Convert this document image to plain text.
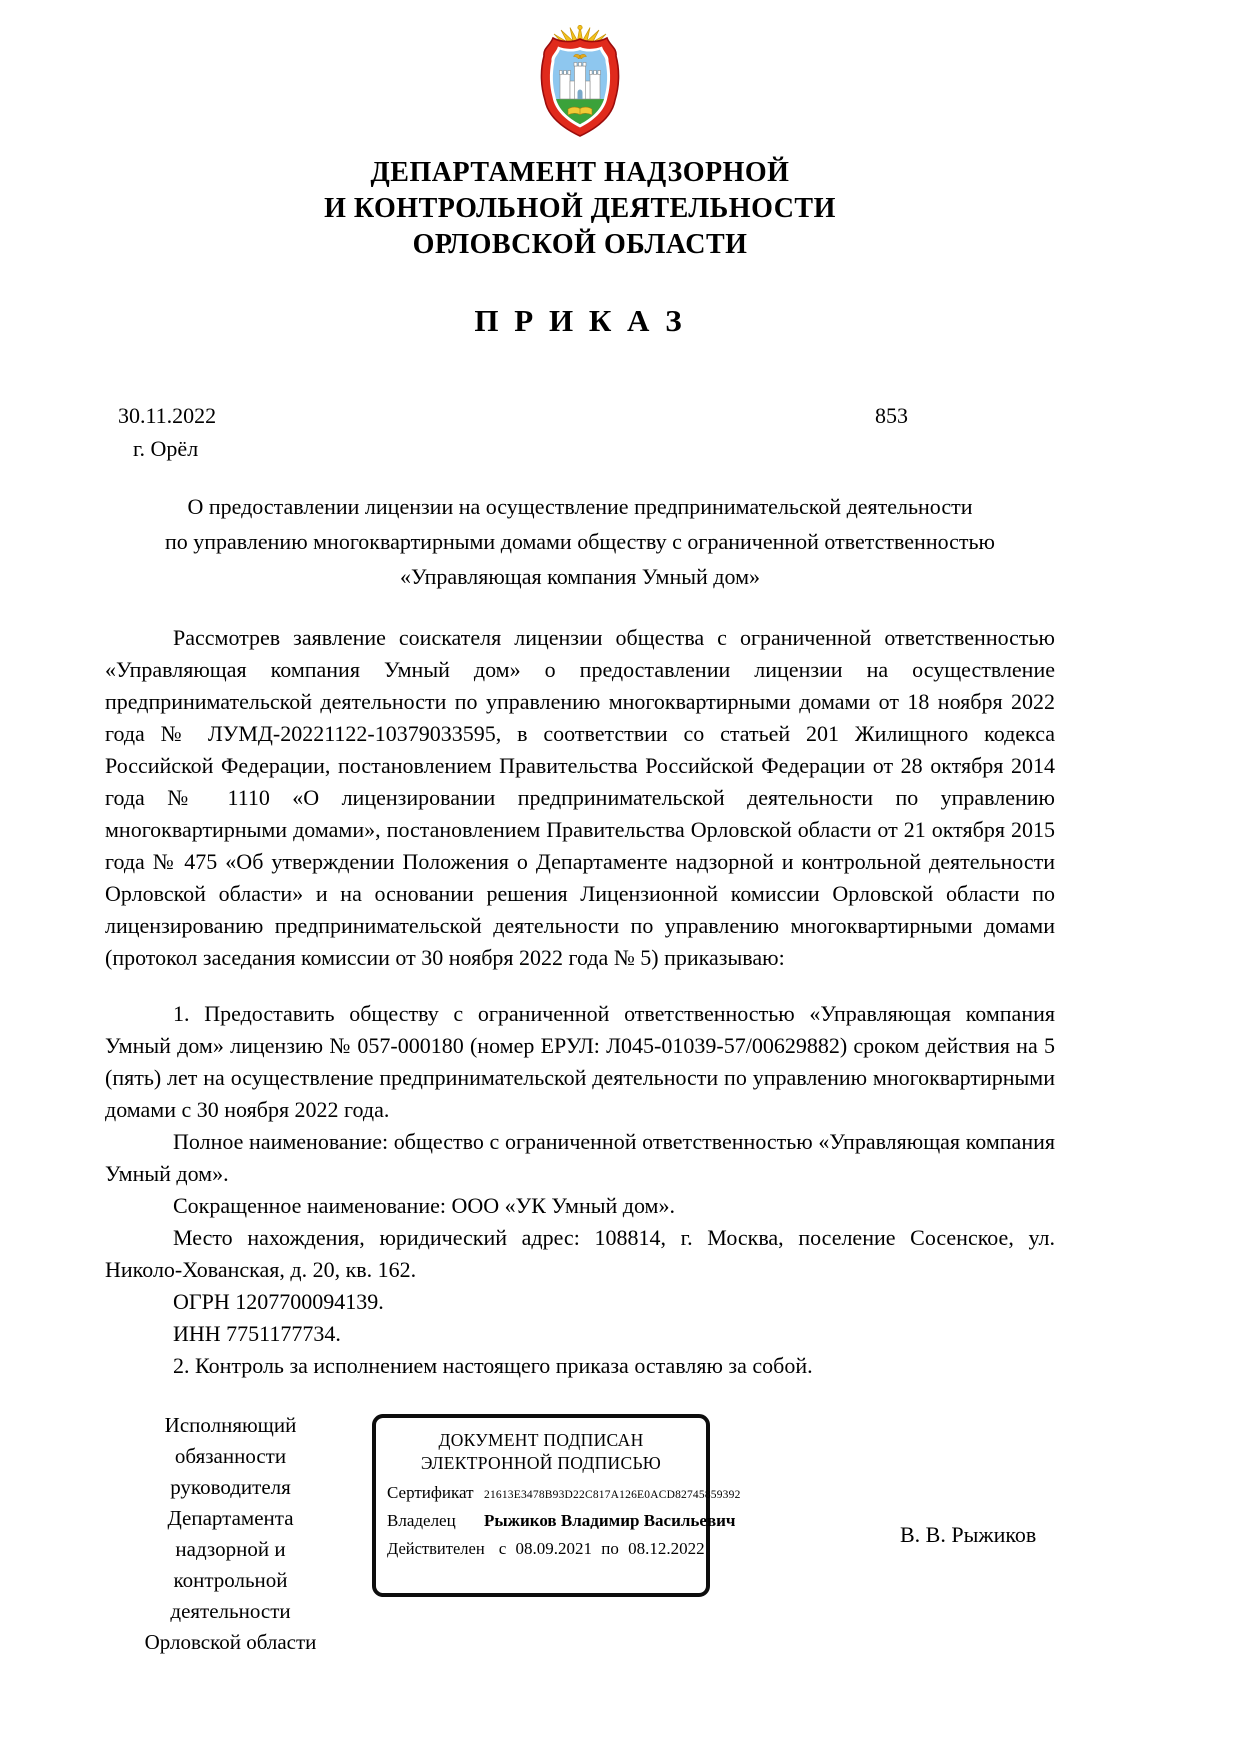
ДЕПАРТАМЕНТ НАДЗОРНОЙ
И КОНТРОЛЬНОЙ ДЕЯТЕЛЬНОСТИ
ОРЛОВСКОЙ ОБЛАСТИ
П Р И К А З
30.11.2022
г. Орёл
853
О предоставлении лицензии на осуществление предпринимательской деятельности
по управлению многоквартирными домами обществу с ограниченной ответственностью
«Управляющая компания Умный дом»

Рассмотрев заявление соискателя лицензии общества с ограниченной ответственностью «Управляющая компания Умный дом» о предоставлении лицензии на осуществление предпринимательской деятельности по управлению многоквартирными домами от 18 ноября 2022 года № ЛУМД-20221122-10379033595, в соответствии со статьей 201 Жилищного кодекса Российской Федерации, постановлением Правительства Российской Федерации от 28 октября 2014 года № 1110 «О лицензировании предпринимательской деятельности по управлению многоквартирными домами», постановлением Правительства Орловской области от 21 октября 2015 года № 475 «Об утверждении Положения о Департаменте надзорной и контрольной деятельности Орловской области» и на основании решения Лицензионной комиссии Орловской области по лицензированию предпринимательской деятельности по управлению многоквартирными домами (протокол заседания комиссии от 30 ноября 2022 года № 5) приказываю:

1. Предоставить обществу с ограниченной ответственностью «Управляющая компания Умный дом» лицензию № 057-000180 (номер ЕРУЛ: Л045-01039-57/00629882) сроком действия на 5 (пять) лет на осуществление предпринимательской деятельности по управлению многоквартирными домами с 30 ноября 2022 года.

Полное наименование: общество с ограниченной ответственностью «Управляющая компания Умный дом».

Сокращенное наименование: ООО «УК Умный дом».

Место нахождения, юридический адрес: 108814, г. Москва, поселение Сосенское, ул. Николо-Хованская, д. 20, кв. 162.

ОГРН 1207700094139.

ИНН 7751177734.

2. Контроль за исполнением настоящего приказа оставляю за собой.

Исполняющий обязанности руководителя Департамента надзорной и контрольной деятельности Орловской области
ДОКУМЕНТ ПОДПИСАН
ЭЛЕКТРОННОЙ ПОДПИСЬЮ
Сертификат 21613E3478B93D22C817A126E0ACD82745859392
Владелец Рыжиков Владимир Васильевич
Действителен с 08.09.2021 по 08.12.2022
В. В. Рыжиков
